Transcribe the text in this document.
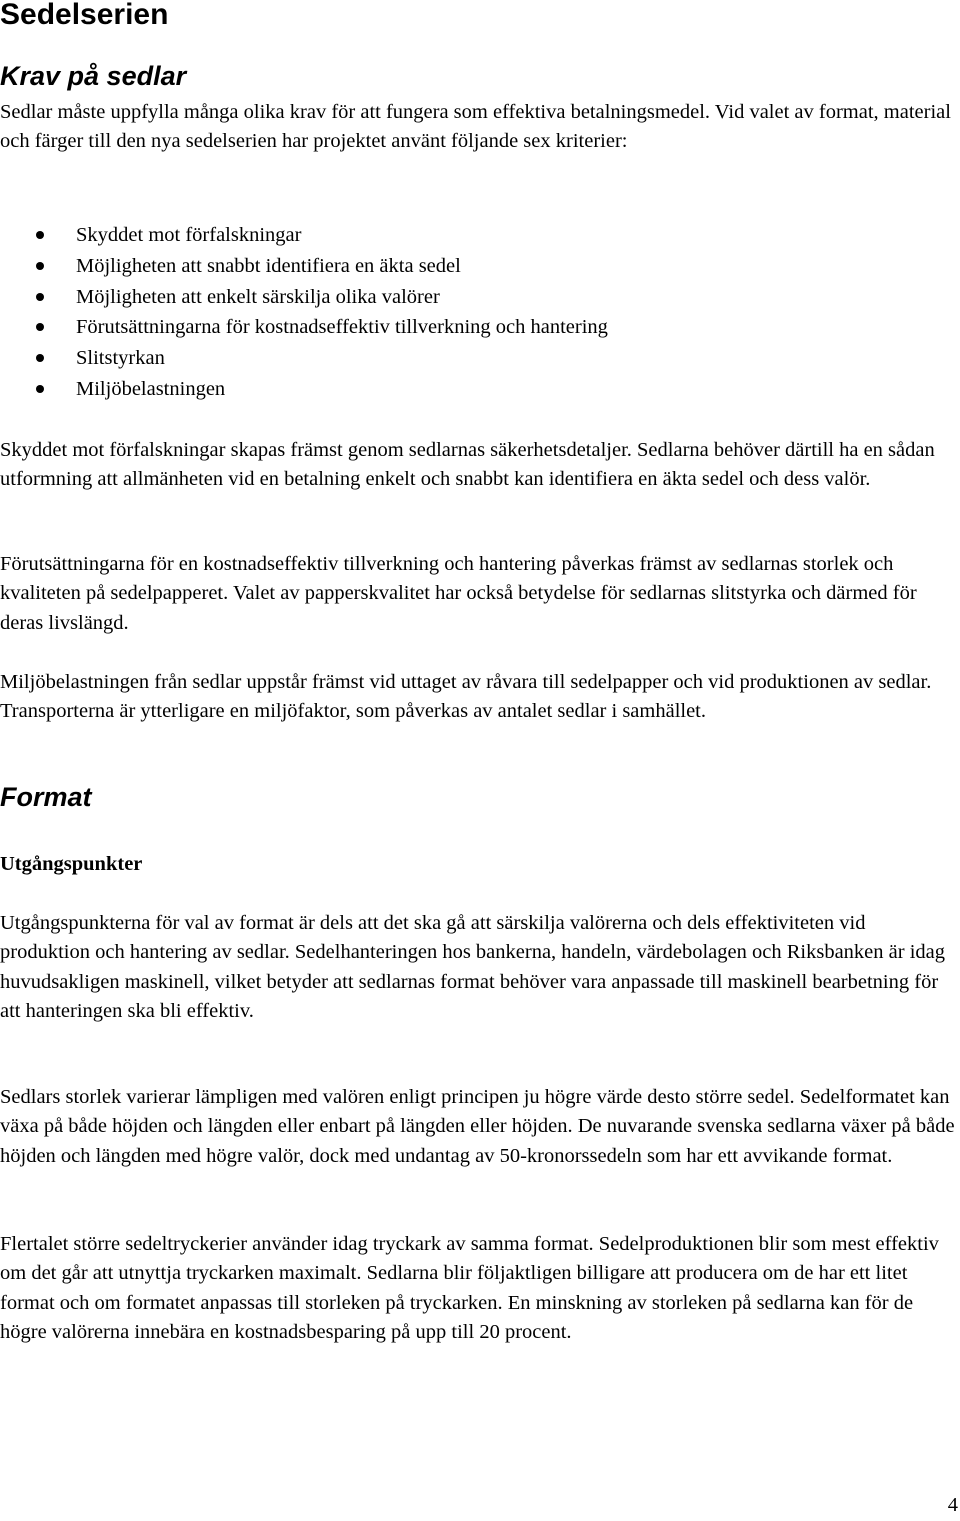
Sedelserien
Krav på sedlar

Sedlar måste uppfylla många olika krav för att fungera som effektiva betalningsmedel. Vid valet av format, material och färger till den nya sedelserien har projektet använt följande sex kriterier:

Skyddet mot förfalskningar
Möjligheten att snabbt identifiera en äkta sedel
Möjligheten att enkelt särskilja olika valörer
Förutsättningarna för kostnadseffektiv tillverkning och hantering
Slitstyrkan
Miljöbelastningen

Skyddet mot förfalskningar skapas främst genom sedlarnas säkerhetsdetaljer. Sedlarna behöver därtill ha en sådan utformning att allmänheten vid en betalning enkelt och snabbt kan identifiera en äkta sedel och dess valör.

Förutsättningarna för en kostnadseffektiv tillverkning och hantering påverkas främst av sedlarnas storlek och kvaliteten på sedelpapperet. Valet av papperskvalitet har också betydelse för sedlarnas slitstyrka och därmed för deras livslängd.

Miljöbelastningen från sedlar uppstår främst vid uttaget av råvara till sedelpapper och vid produktionen av sedlar. Transporterna är ytterligare en miljöfaktor, som påverkas av antalet sedlar i samhället.

Format
Utgångspunkter

Utgångspunkterna för val av format är dels att det ska gå att särskilja valörerna och dels effektiviteten vid produktion och hantering av sedlar. Sedelhanteringen hos bankerna, handeln, värdebolagen och Riksbanken är idag huvudsakligen maskinell, vilket betyder att sedlarnas format behöver vara anpassade till maskinell bearbetning för att hanteringen ska bli effektiv.

Sedlars storlek varierar lämpligen med valören enligt principen ju högre värde desto större sedel. Sedelformatet kan växa på både höjden och längden eller enbart på längden eller höjden. De nuvarande svenska sedlarna växer på både höjden och längden med högre valör, dock med undantag av 50-kronorssedeln som har ett avvikande format.

Flertalet större sedeltryckerier använder idag tryckark av samma format. Sedelproduktionen blir som mest effektiv om det går att utnyttja tryckarken maximalt. Sedlarna blir följaktligen billigare att producera om de har ett litet format och om formatet anpassas till storleken på tryckarken. En minskning av storleken på sedlarna kan för de högre valörerna innebära en kostnadsbesparing på upp till 20 procent.

4
